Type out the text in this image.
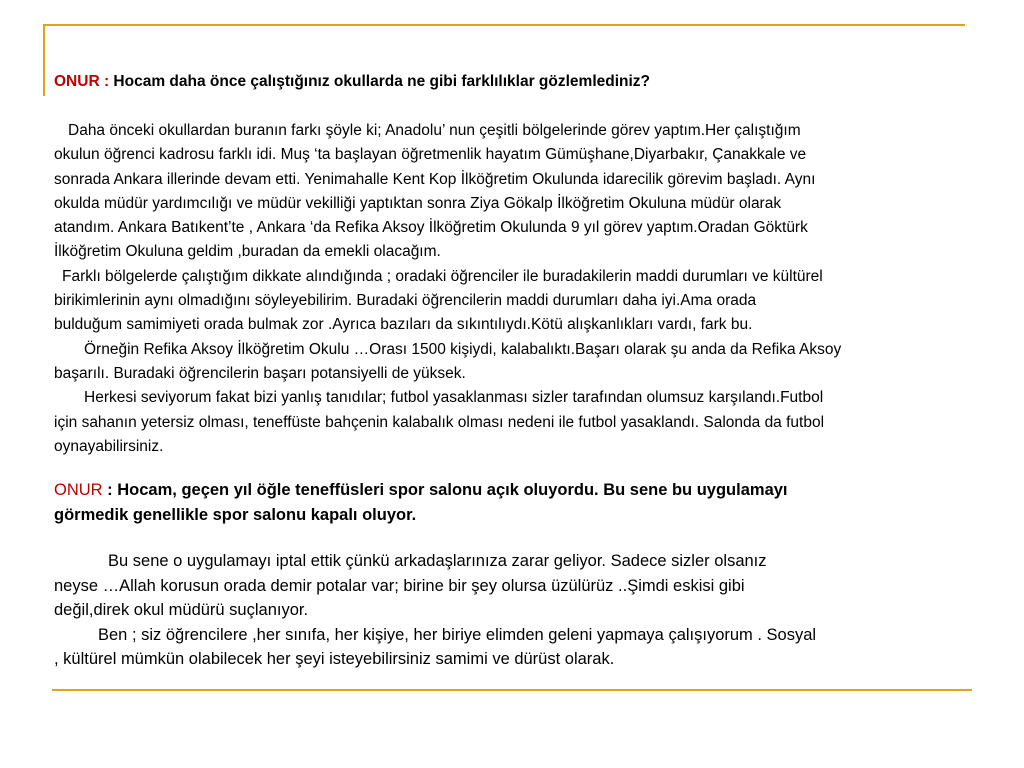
ONUR : Hocam daha önce çalıştığınız okullarda ne gibi farklılıklar gözlemlediniz?
Daha önceki okullardan buranın farkı şöyle ki; Anadolu’ nun çeşitli bölgelerinde görev yaptım.Her çalıştığım
okulun öğrenci kadrosu farklı idi. Muş ‘ta başlayan öğretmenlik hayatım Gümüşhane,Diyarbakır, Çanakkale ve
sonrada Ankara illerinde devam etti. Yenimahalle Kent Kop İlköğretim Okulunda idarecilik görevim başladı. Aynı
okulda müdür yardımcılığı ve müdür vekilliği yaptıktan sonra Ziya Gökalp İlköğretim Okuluna müdür olarak
atandım. Ankara Batıkent’te , Ankara ‘da Refika Aksoy İlköğretim Okulunda 9 yıl görev yaptım.Oradan Göktürk
İlköğretim Okuluna geldim ,buradan da emekli olacağım.
Farklı bölgelerde çalıştığım dikkate alındığında ; oradaki öğrenciler ile buradakilerin maddi durumları ve kültürel
birikimlerinin aynı olmadığını söyleyebilirim. Buradaki öğrencilerin maddi durumları daha iyi.Ama orada
bulduğum samimiyeti orada bulmak zor .Ayrıca bazıları da sıkıntılıydı.Kötü alışkanlıkları vardı, fark bu.
Örneğin Refika Aksoy İlköğretim Okulu …Orası 1500 kişiydi, kalabalıktı.Başarı olarak şu anda da Refika Aksoy
başarılı. Buradaki öğrencilerin başarı potansiyelli de yüksek.
Herkesi seviyorum fakat bizi yanlış tanıdılar; futbol yasaklanması sizler tarafından olumsuz karşılandı.Futbol
için sahanın yetersiz olması, teneffüste bahçenin kalabalık olması nedeni ile futbol yasaklandı. Salonda da futbol
oynayabilirsiniz.
ONUR : Hocam, geçen yıl öğle teneffüsleri spor salonu açık oluyordu. Bu sene bu uygulamayı
görmedik genellikle spor salonu kapalı oluyor.
Bu sene o uygulamayı iptal ettik çünkü arkadaşlarınıza zarar geliyor. Sadece sizler olsanız
neyse …Allah korusun orada demir potalar var; birine bir şey olursa üzülürüz ..Şimdi eskisi gibi
değil,direk okul müdürü suçlanıyor.
Ben ; siz öğrencilere ,her sınıfa, her kişiye, her biriye elimden geleni yapmaya çalışıyorum . Sosyal
, kültürel mümkün olabilecek her şeyi isteyebilirsiniz samimi ve dürüst olarak.
